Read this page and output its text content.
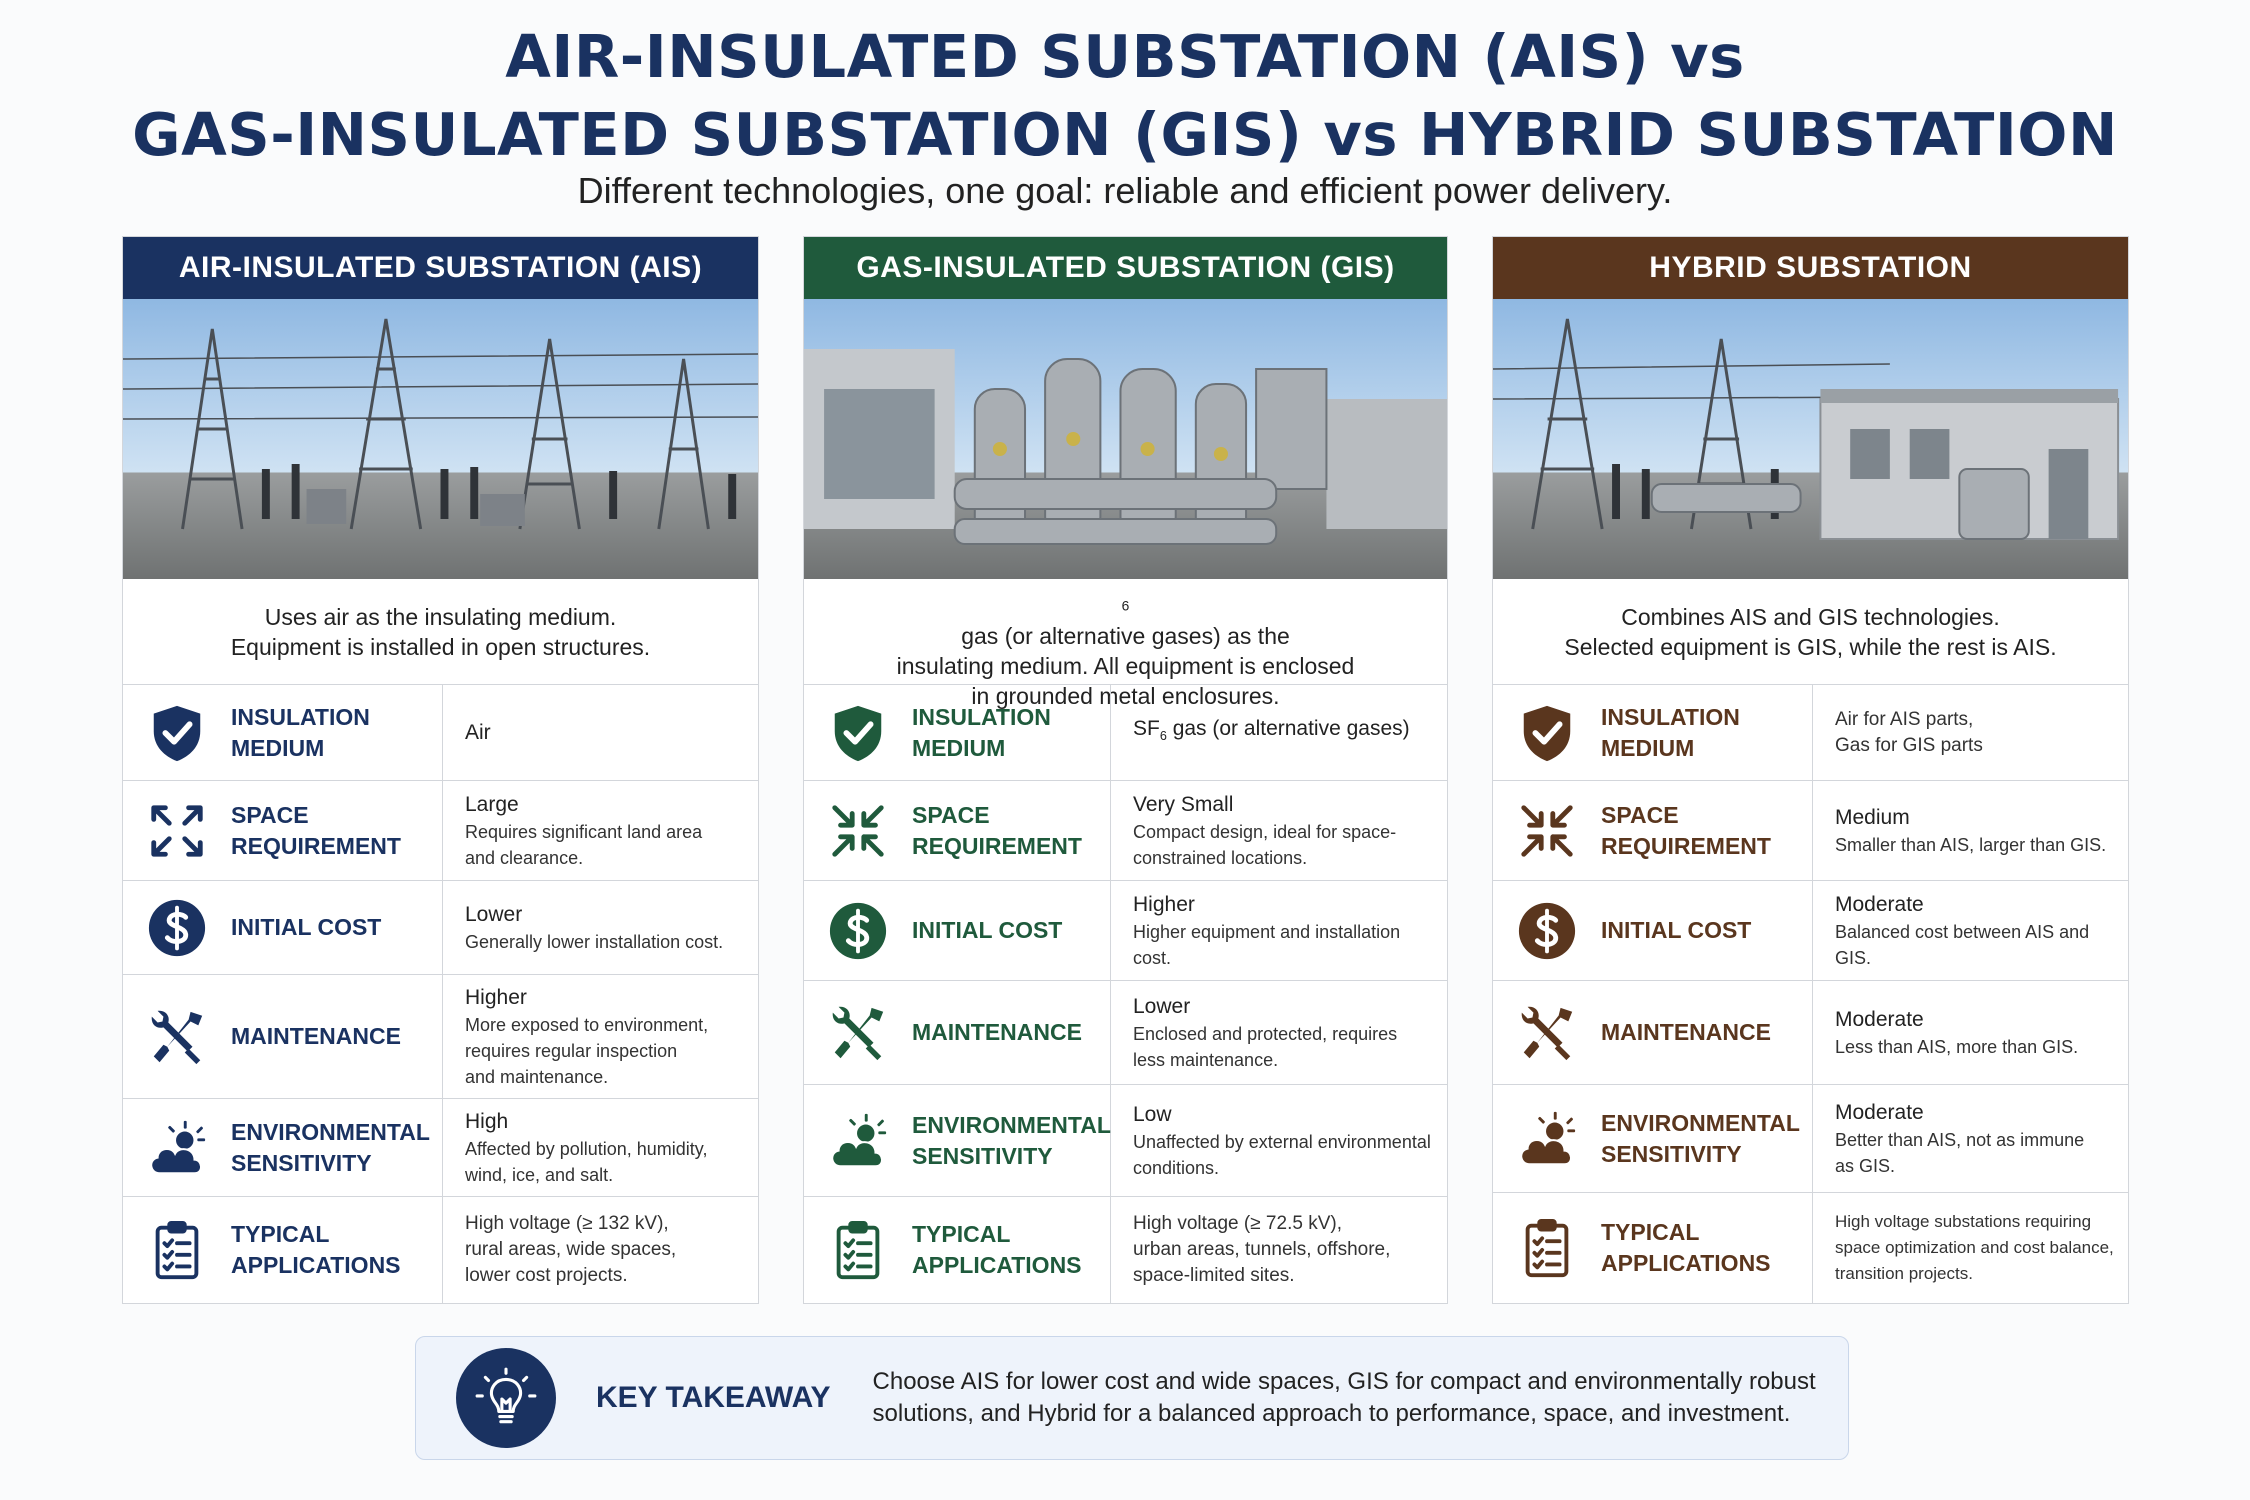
AIR-INSULATED SUBSTATION (AIS) vs
GAS-INSULATED SUBSTATION (GIS) vs HYBRID SUBSTATION
Different technologies, one goal: reliable and efficient power delivery.
AIR-INSULATED SUBSTATION (AIS)
Uses air as the insulating medium.
Equipment is installed in open structures.
INSULATION
MEDIUM
Air
SPACE
REQUIREMENT
Large
Requires significant land area
and clearance.
INITIAL COST	Lower
Generally lower installation cost.
MAINTENANCE
Higher
More exposed to environment,
requires regular inspection
and maintenance.
ENVIRONMENTAL
SENSITIVITY
High
Affected by pollution, humidity,
wind, ice, and salt.
TYPICAL
APPLICATIONS
High voltage (≥ 132 kV),
rural areas, wide spaces,
lower cost projects.
GAS-INSULATED SUBSTATION (GIS)
$_6$
gas (or alternative gases) as the
insulating medium. All equipment is enclosed
in grounded metal enclosures.
INSULATION
MEDIUM
$SF_6$ gas (or alternative gases)
SPACE
REQUIREMENT
Very Small
Compact design, ideal for space-
constrained locations.
INITIAL COST
Higher
Higher equipment and installation
cost.
MAINTENANCE
Lower
Enclosed and protected, requires
less maintenance.
ENVIRONMENTAL
SENSITIVITY
Low
Unaffected by external environmental
conditions.
TYPICAL
APPLICATIONS
High voltage (≥ 72.5 kV),
urban areas, tunnels, offshore,
space-limited sites.
HYBRID SUBSTATION
Combines AIS and GIS technologies.
Selected equipment is GIS, while the rest is AIS.
INSULATION
MEDIUM
Air for AIS parts,
Gas for GIS parts
SPACE
REQUIREMENT
Medium
Smaller than AIS, larger than GIS.
INITIAL COST
Moderate
Balanced cost between AIS and GIS.
MAINTENANCE	Moderate
Less than AIS, more than GIS.
ENVIRONMENTAL
SENSITIVITY
Moderate
Better than AIS, not as immune
as GIS.
TYPICAL
APPLICATIONS
High voltage substations requiring
space optimization and cost balance,
transition projects.
KEY TAKEAWAY Choose AIS for lower cost and wide spaces, GIS for compact and environmentally robust
solutions, and Hybrid for a balanced approach to performance, space, and investment.
